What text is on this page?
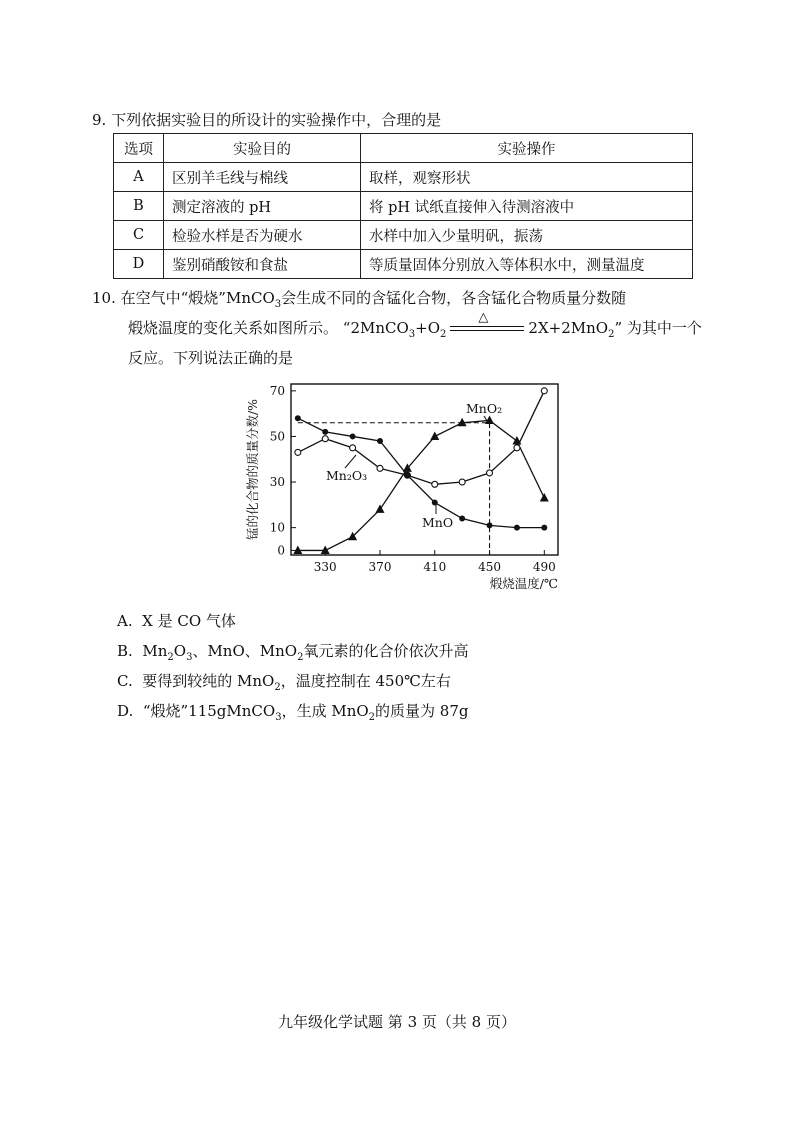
9. 下列依据实验目的所设计的实验操作中，合理的是
选项	实验目的	实验操作
A	区别羊毛线与棉线	取样，观察形状
B	测定溶液的 pH	将 pH 试纸直接伸入待测溶液中
C	检验水样是否为硬水	水样中加入少量明矾，振荡
D	鉴别硝酸铵和食盐	等质量固体分别放入等体积水中，测量温度
10. 在空气中“煅烧”MnCO$_3$会生成不同的含锰化合物，各含锰化合物质量分数随
煅烧温度的变化关系如图所示。 “$2MnCO_3+O_2$
△
2X+2MnO$_2$” 为其中一个
反应。下列说法正确的是
330	370	410	450	490
0
10
30
50
70
锰的化合物的质量分数/%
煅烧温度/℃
MnO₂
Mn₂O₃
MnO
A. X 是 CO 气体
B. $Mn_2O_3$、MnO、MnO$_2$氧元素的化合价依次升高
C. 要得到较纯的 MnO$_2$，温度控制在 450℃左右
D. “煅烧”115gMnCO$_3$，生成 MnO$_2$的质量为 87g
九年级化学试题 第 3 页（共 8 页）
